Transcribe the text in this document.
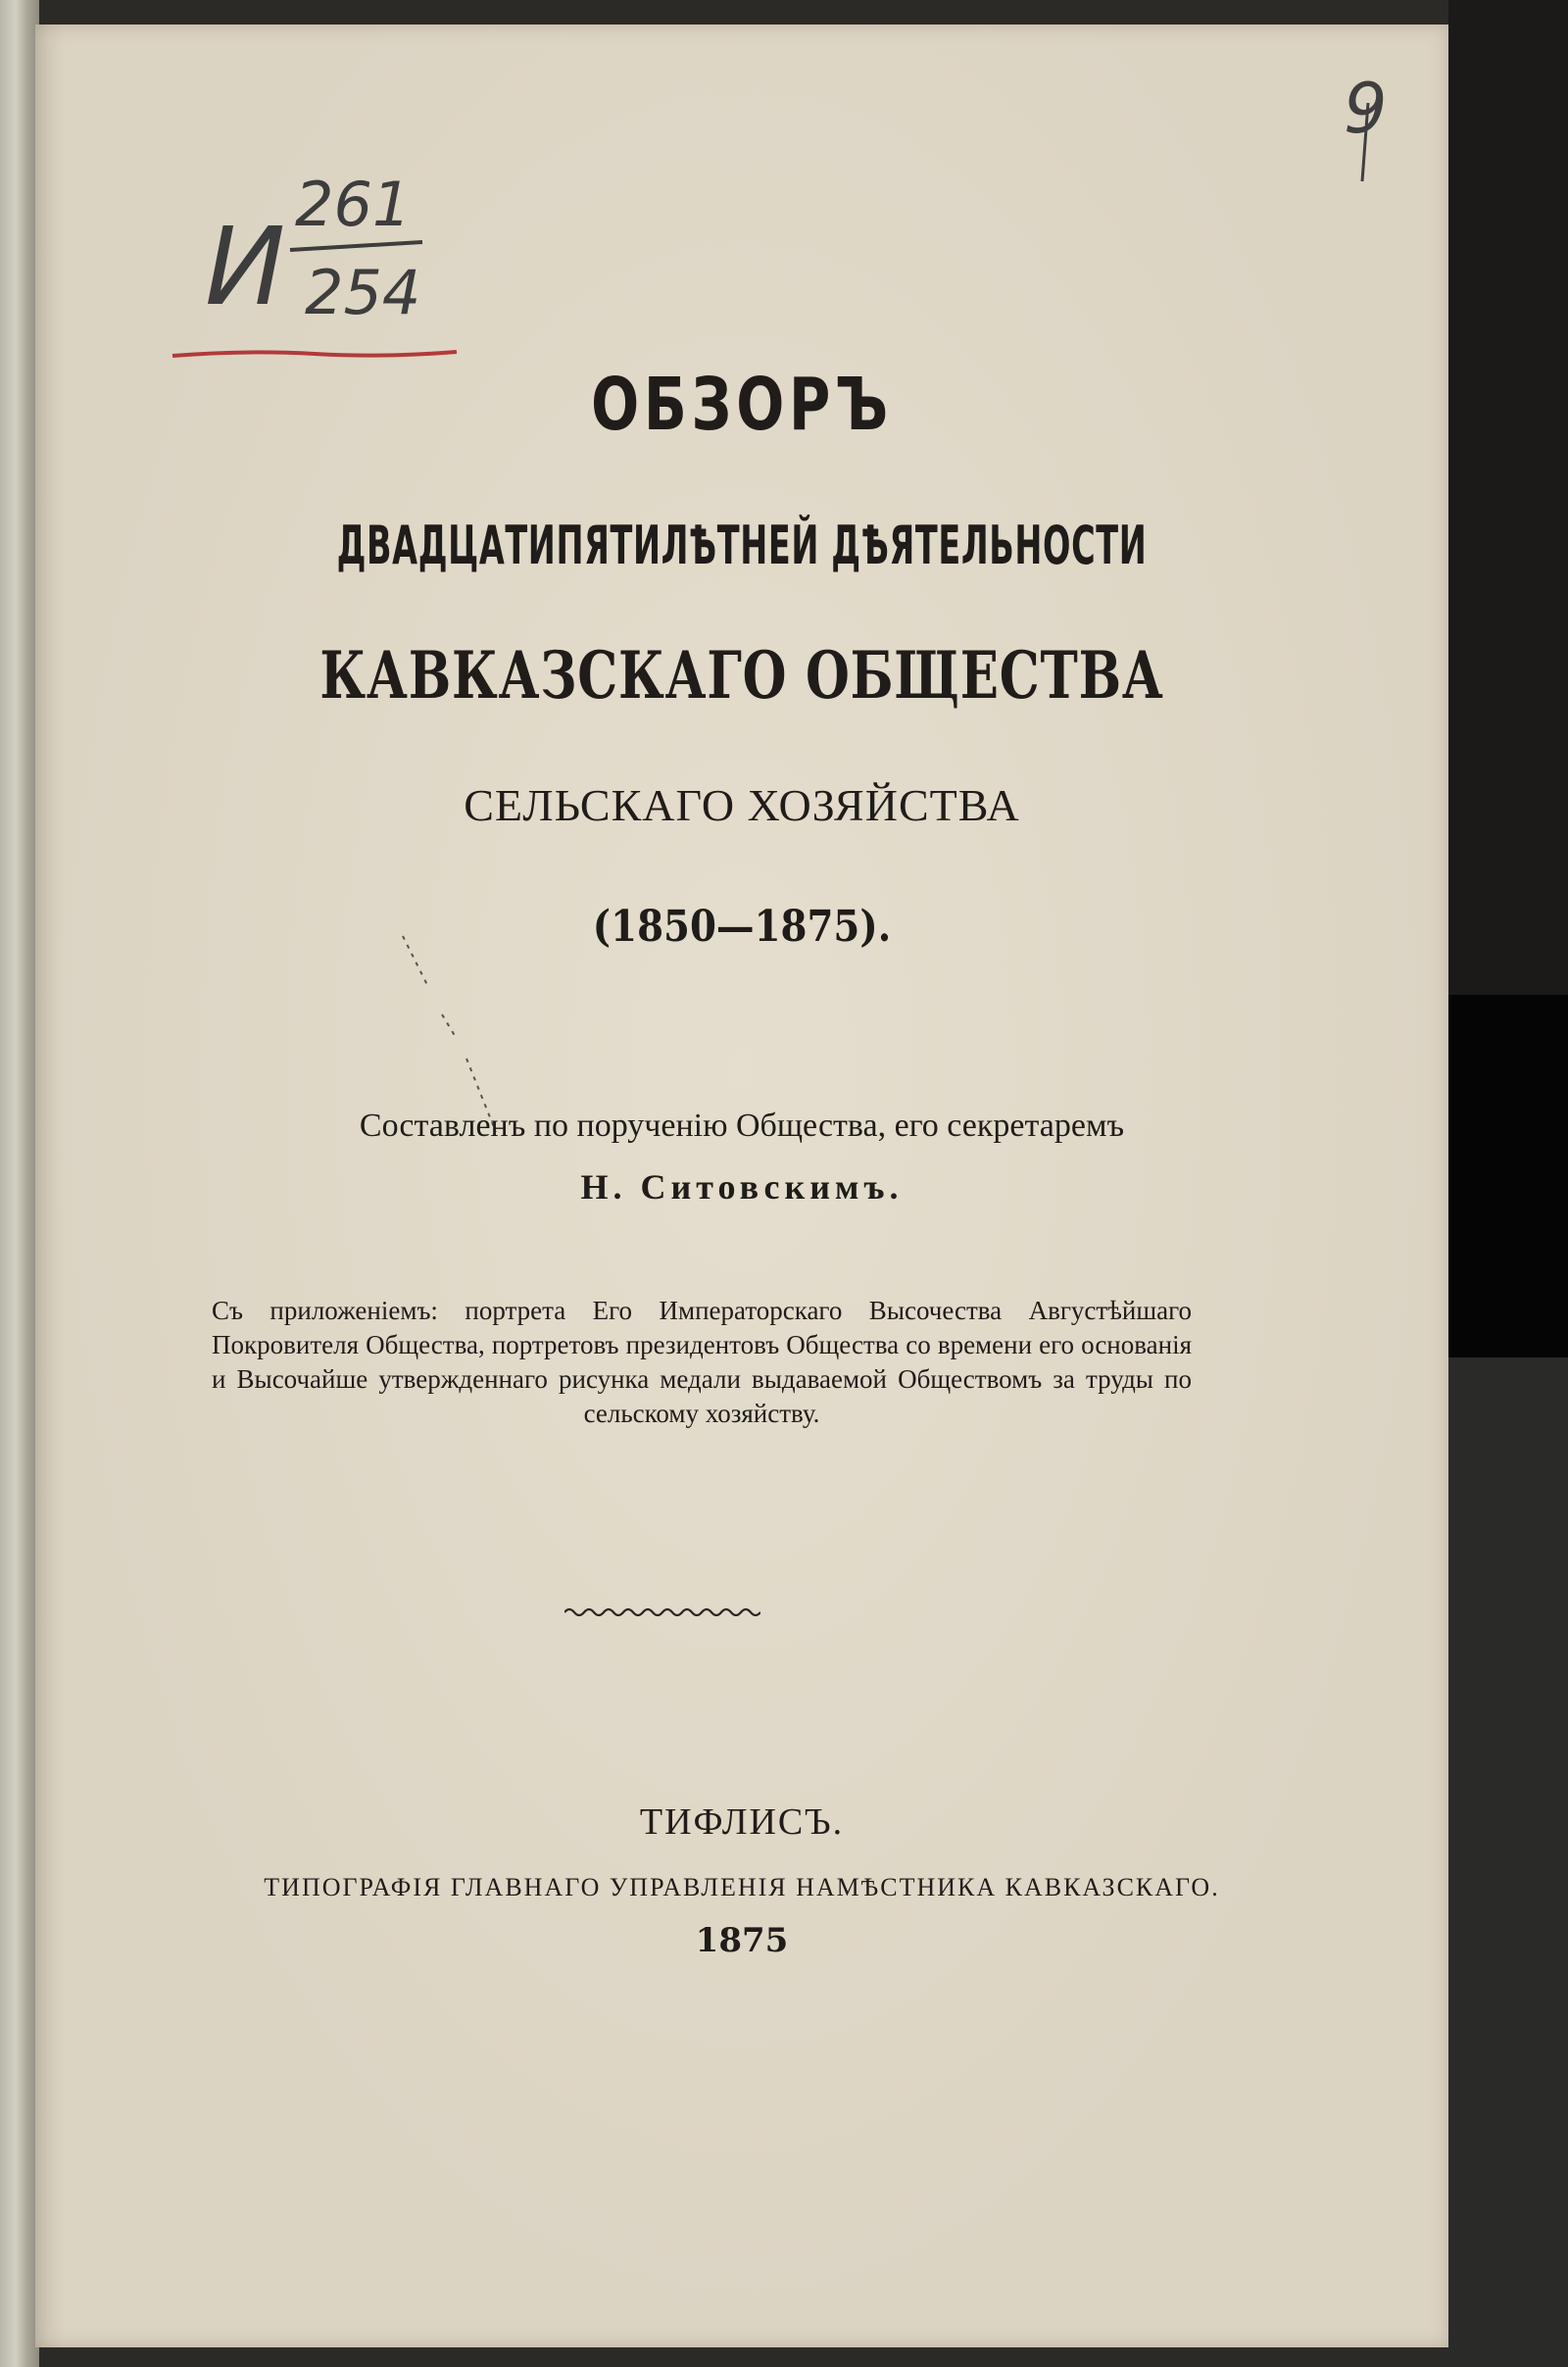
И 261
254
9
ОБЗОРЪ
ДВАДЦАТИПЯТИЛѢТНЕЙ ДѢЯТЕЛЬНОСТИ
КАВКАЗСКАГО ОБЩЕСТВА
СЕЛЬСКАГО ХОЗЯЙСТВА
(1850—1875).
Составленъ по порученію Общества, его секретаремъ
Н. Ситовскимъ.
Съ приложеніемъ: портрета Его Императорскаго Высочества Августѣйшаго Покровителя Общества, портретовъ президентовъ Общества со времени его основанія и Высочайше утвержденнаго рисунка медали выдаваемой Обществомъ за труды по сельскому хозяйству.
ТИФЛИСЪ.
ТИПОГРАФІЯ ГЛАВНАГО УПРАВЛЕНІЯ НАМѢСТНИКА КАВКАЗСКАГО.
1875
